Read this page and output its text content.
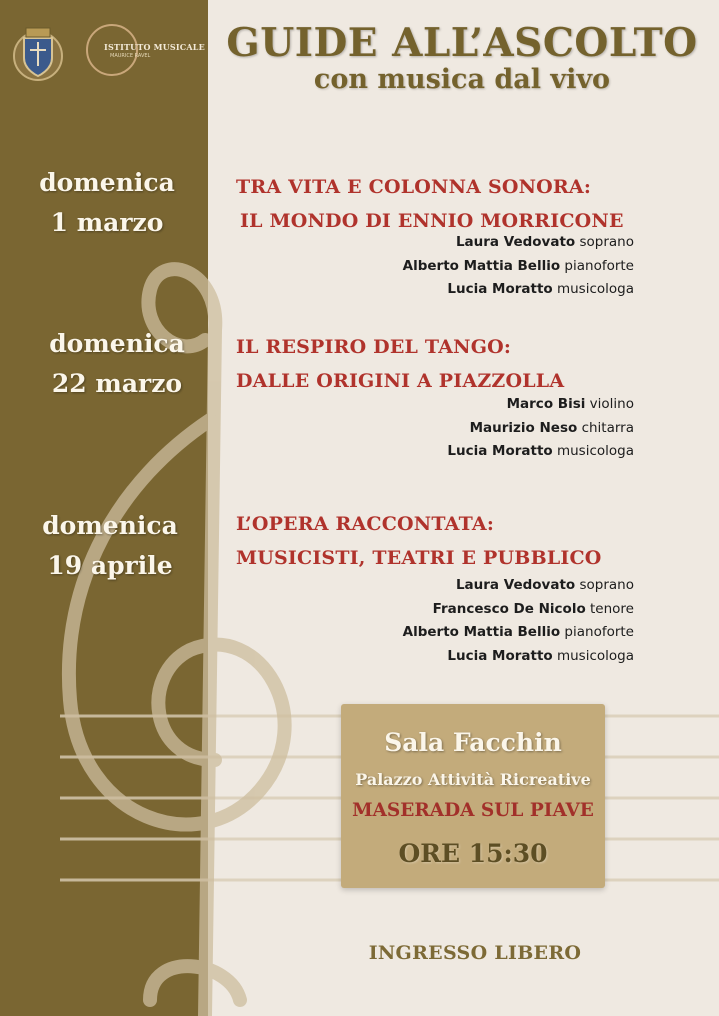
ISTITUTO MUSICALE
MAURICE RAVEL	GUIDE ALL’ASCOLTO
con musica dal vivo
domenica
1 marzo
TRA VITA E COLONNA SONORA:
IL MONDO DI ENNIO MORRICONE
Laura Vedovato soprano
Alberto Mattia Bellio pianoforte
Lucia Moratto musicologa
domenica
22 marzo
IL RESPIRO DEL TANGO:
DALLE ORIGINI A PIAZZOLLA
Marco Bisi violino
Maurizio Neso chitarra
Lucia Moratto musicologa
domenica
19 aprile
L’OPERA RACCONTATA:
MUSICISTI, TEATRI E PUBBLICO
Laura Vedovato soprano
Francesco De Nicolo tenore
Alberto Mattia Bellio pianoforte
Lucia Moratto musicologa
Sala Facchin
Palazzo Attività Ricreative
MASERADA SUL PIAVE
ORE 15:30
INGRESSO LIBERO
